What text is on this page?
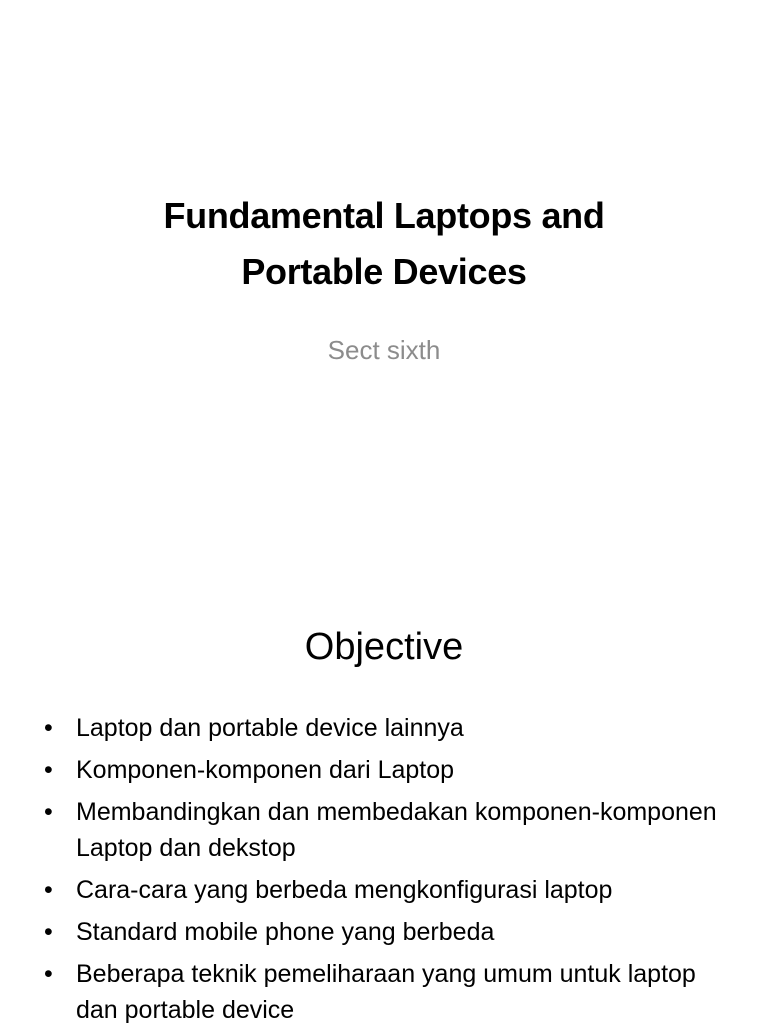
Fundamental Laptops and
Portable Devices
Sect sixth
Objective
• Laptop dan portable device lainnya
• Komponen-komponen dari Laptop
• Membandingkan dan membedakan komponen-komponen Laptop dan dekstop
• Cara-cara yang berbeda mengkonfigurasi laptop
• Standard mobile phone yang berbeda
• Beberapa teknik pemeliharaan yang umum untuk laptop dan portable device
